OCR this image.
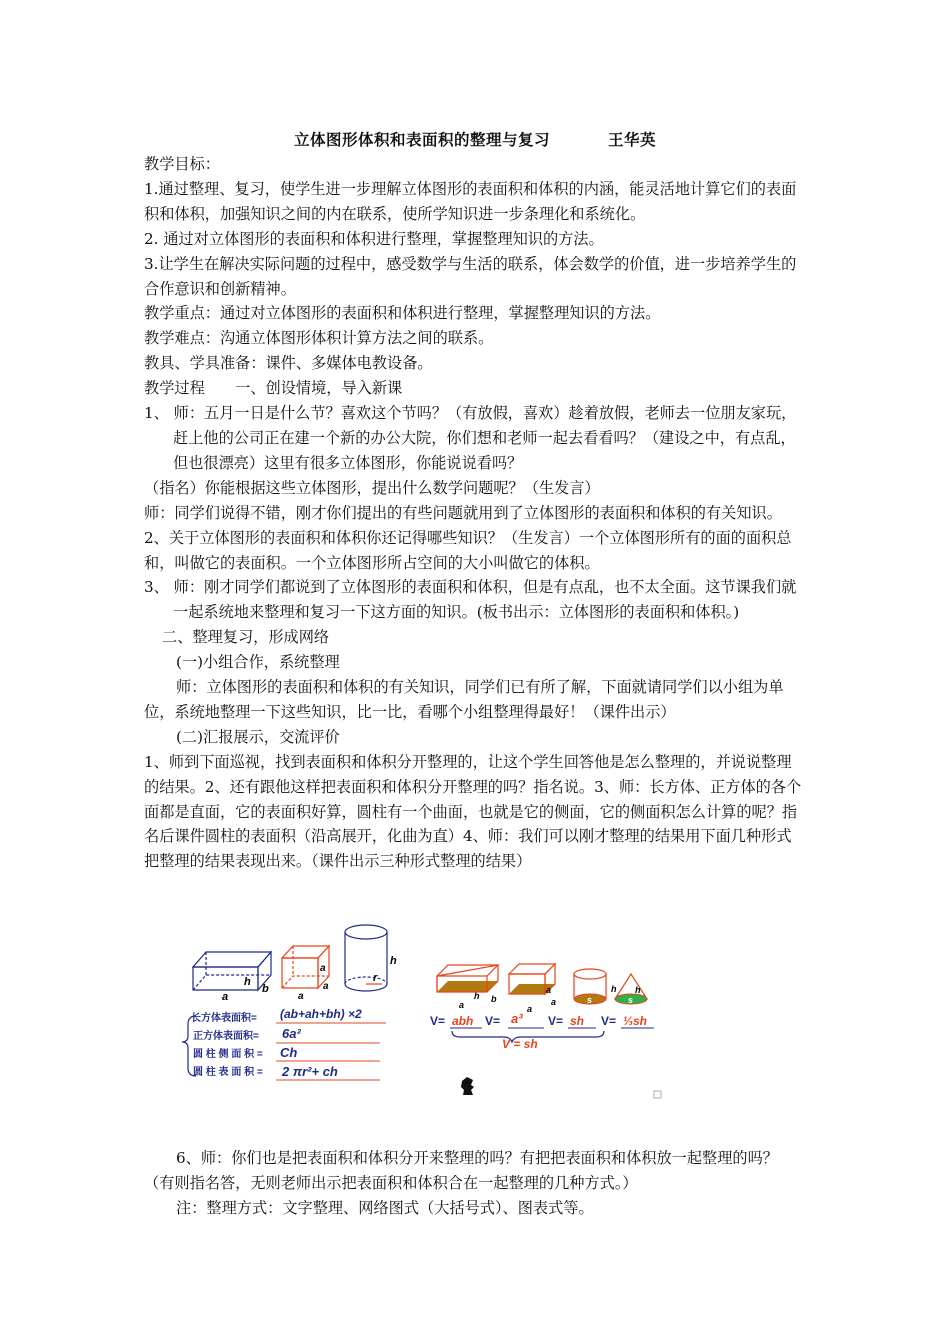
立体图形体积和表面积的整理与复习	王华英

教学目标：

1.通过整理、复习，使学生进一步理解立体图形的表面积和体积的内涵，能灵活地计算它们的表面积和体积，加强知识之间的内在联系，使所学知识进一步条理化和系统化。

2. 通过对立体图形的表面积和体积进行整理，掌握整理知识的方法。

3.让学生在解决实际问题的过程中，感受数学与生活的联系，体会数学的价值，进一步培养学生的合作意识和创新精神。

教学重点：通过对立体图形的表面积和体积进行整理，掌握整理知识的方法。

教学难点：沟通立体图形体积计算方法之间的联系。

教具、学具准备：课件、多媒体电教设备。

教学过程　　一、创设情境，导入新课

1、 师：五月一日是什么节？喜欢这个节吗？（有放假，喜欢）趁着放假，老师去一位朋友家玩，赶上他的公司正在建一个新的办公大院，你们想和老师一起去看看吗？（建设之中，有点乱，但也很漂亮）这里有很多立体图形，你能说说看吗？

（指名）你能根据这些立体图形，提出什么数学问题呢？（生发言）

师：同学们说得不错，刚才你们提出的有些问题就用到了立体图形的表面积和体积的有关知识。

2、关于立体图形的表面积和体积你还记得哪些知识？（生发言）一个立体图形所有的面的面积总和，叫做它的表面积。一个立体图形所占空间的大小叫做它的体积。

3、 师：刚才同学们都说到了立体图形的表面积和体积，但是有点乱，也不太全面。这节课我们就一起系统地来整理和复习一下这方面的知识。(板书出示：立体图形的表面积和体积。)

二、整理复习，形成网络

(一)小组合作，系统整理

师：立体图形的表面积和体积的有关知识，同学们已有所了解，下面就请同学们以小组为单位，系统地整理一下这些知识，比一比，看哪个小组整理得最好！（课件出示）

(二)汇报展示，交流评价

1、师到下面巡视，找到表面积和体积分开整理的，让这个学生回答他是怎么整理的，并说说整理的结果。2、还有跟他这样把表面积和体积分开整理的吗？指名说。3、师：长方体、正方体的各个面都是直面，它的表面积好算，圆柱有一个曲面，也就是它的侧面，它的侧面积怎么计算的呢？指名后课件圆柱的表面积（沿高展开，化曲为直）4、师：我们可以刚才整理的结果用下面几种形式把整理的结果表现出来。（课件出示三种形式整理的结果）

h
b
a
a
a
a
h
r
长方体表面积=
正方体表面积=
圆 柱 侧 面 积 =
圆 柱 表 面 积 =
(ab+ah+bh) ×2
6a²
Ch
2 πr²+ ch
h b
a
a
a
a
s
h h
s
V= abh V= a³ V= sh V= ⅓sh
V = sh

6、师：你们也是把表面积和体积分开来整理的吗？有把把表面积和体积放一起整理的吗？（有则指名答，无则老师出示把表面积和体积合在一起整理的几种方式。）

注：整理方式：文字整理、网络图式（大括号式）、图表式等。
